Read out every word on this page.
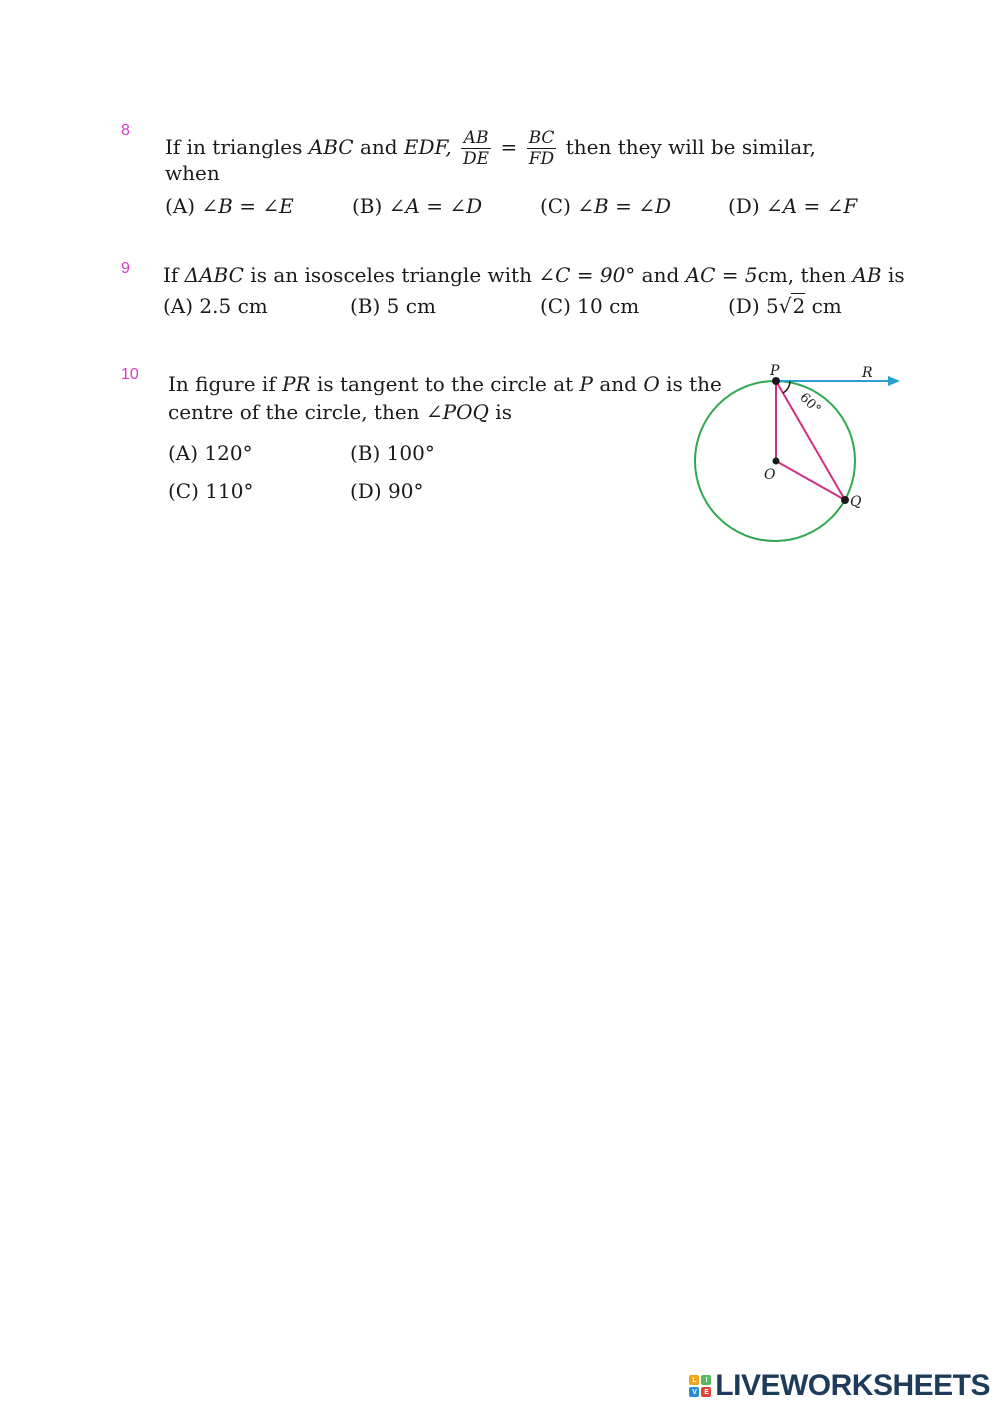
8
If in triangles ABC and EDF, $\frac{AB}{DE} = \frac{BC}{FD}$ then they will be similar,
when
(A) ∠B = ∠E	(B) ∠A = ∠D	(C) ∠B = ∠D	(D) ∠A = ∠F
9 If ΔABC is an isosceles triangle with ∠C = 90° and AC = 5cm, then AB is
(A) 2.5 cm	(B) 5 cm	(C) 10 cm	(D) 5√2 cm
10 In figure if PR is tangent to the circle at P and O is the
centre of the circle, then ∠POQ is
(A) 120°	(B) 100°
(C) 110°	(D) 90°
P	R
O
Q
60°
L	I
V	E LIVEWORKSHEETS
